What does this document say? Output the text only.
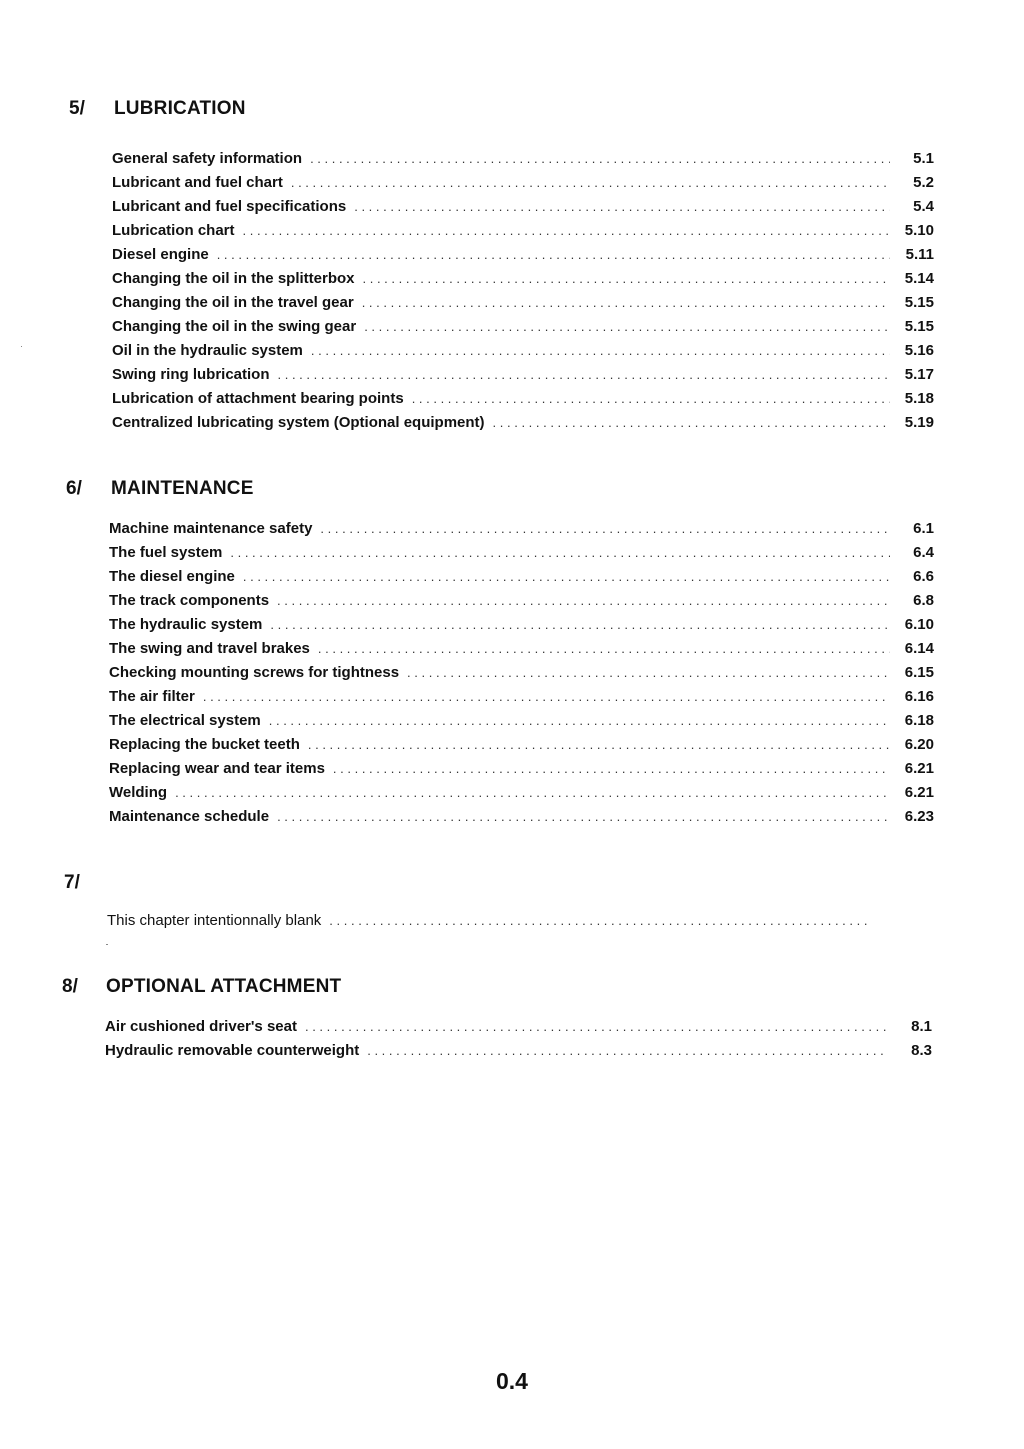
5/ LUBRICATION
General safety information . . .	5.1
Lubricant and fuel chart . . .	5.2
Lubricant and fuel specifications . . .	5.4
Lubrication chart . . .	5.10
Diesel engine . . .	5.11
Changing the oil in the splitterbox . . .	5.14
Changing the oil in the travel gear . . .	5.15
Changing the oil in the swing gear . . .	5.15
Oil in the hydraulic system . . .	5.16
Swing ring lubrication . . .	5.17
Lubrication of attachment bearing points . . .	5.18
Centralized lubricating system (Optional equipment) . . .	5.19
6/ MAINTENANCE
Machine maintenance safety . . .	6.1
The fuel system . . .	6.4
The diesel engine . . .	6.6
The track components . . .	6.8
The hydraulic system . . .	6.10
The swing and travel brakes . . .	6.14
Checking mounting screws for tightness . . .	6.15
The air filter . . .	6.16
The electrical system . . .	6.18
Replacing the bucket teeth . . .	6.20
Replacing wear and tear items . . .	6.21
Welding . . .	6.21
Maintenance schedule . . .	6.23
7/
This chapter intentionnally blank
. . .
8/ OPTIONAL ATTACHMENT
Air cushioned driver's seat . . .	8.1
Hydraulic removable counterweight . . .	8.3
0.4
